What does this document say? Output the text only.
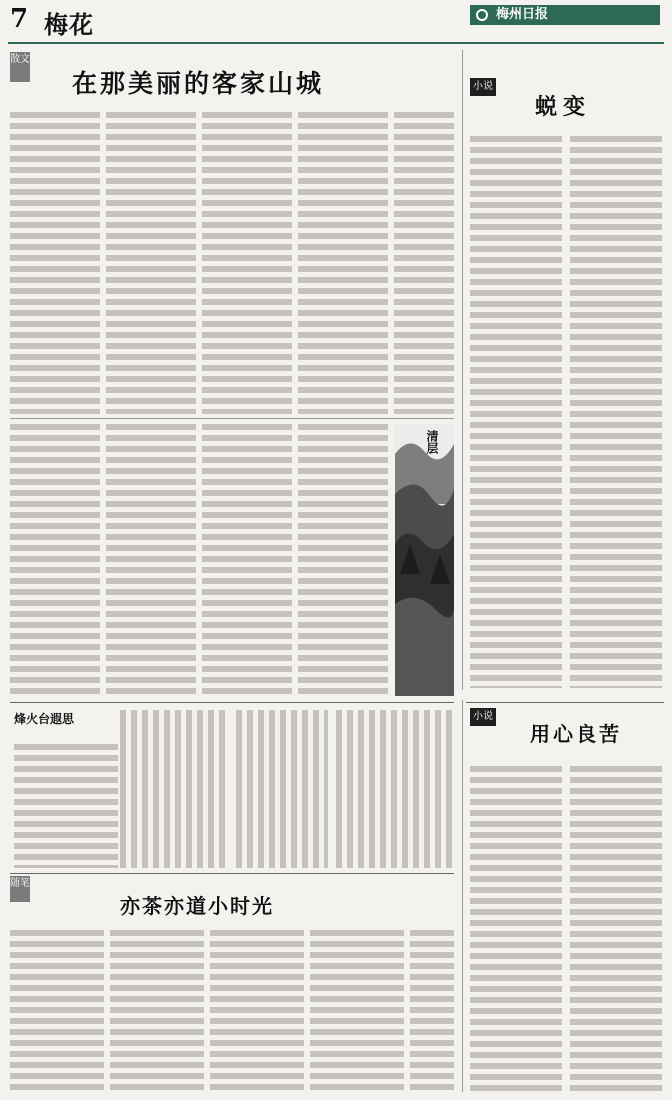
7 梅花	梅州日报
散文
在那美丽的客家山城
清层
小说
蜕变
烽火台遐思
随笔
亦茶亦道小时光
小说
用心良苦
